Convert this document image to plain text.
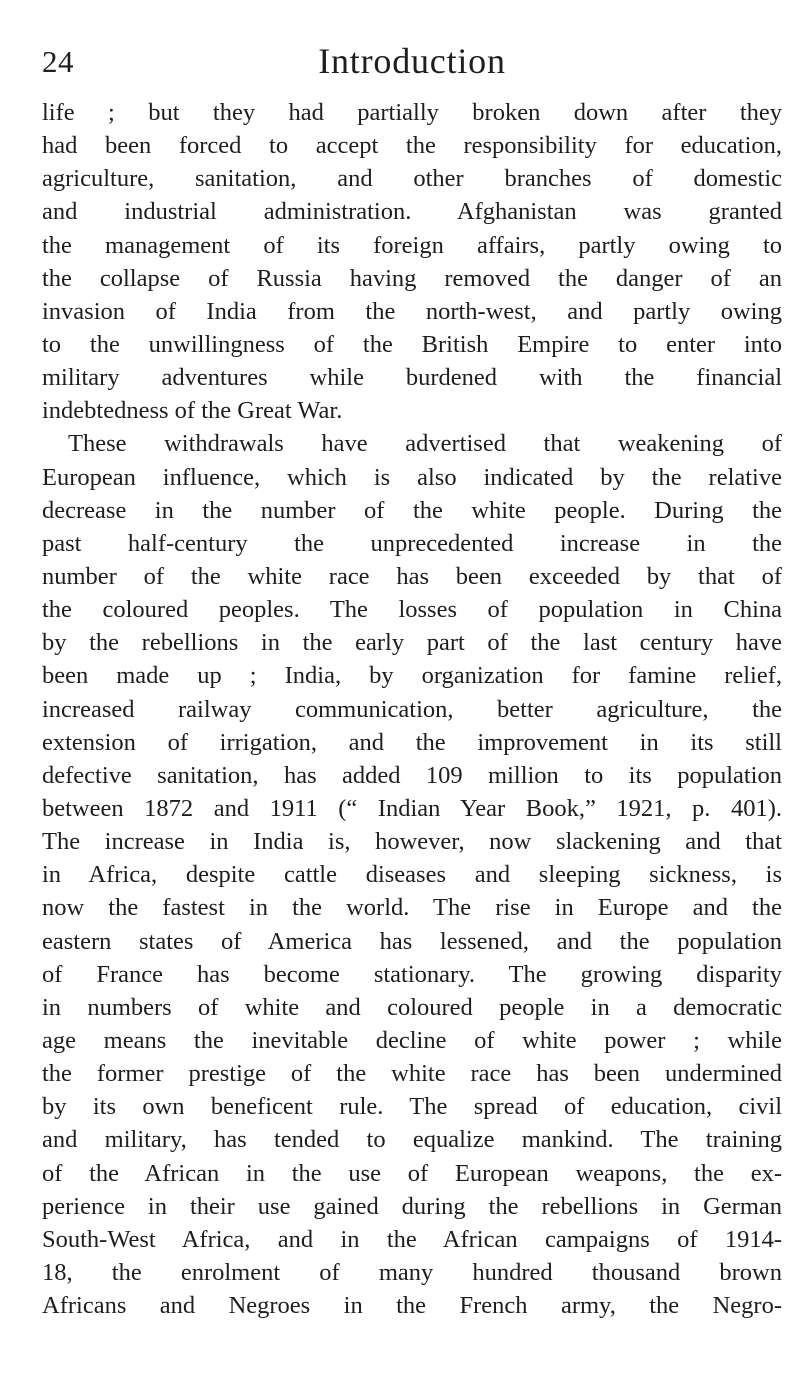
24	Introduction
life ; but they had partially broken down after they
had been forced to accept the responsibility for education,
agriculture, sanitation, and other branches of domestic
and industrial administration. Afghanistan was granted
the management of its foreign affairs, partly owing to
the collapse of Russia having removed the danger of an
invasion of India from the north-west, and partly owing
to the unwillingness of the British Empire to enter into
military adventures while burdened with the financial
indebtedness of the Great War.
These withdrawals have advertised that weakening of
European influence, which is also indicated by the relative
decrease in the number of the white people. During the
past half-century the unprecedented increase in the
number of the white race has been exceeded by that of
the coloured peoples. The losses of population in China
by the rebellions in the early part of the last century have
been made up ; India, by organization for famine relief,
increased railway communication, better agriculture, the
extension of irrigation, and the improvement in its still
defective sanitation, has added 109 million to its population
between 1872 and 1911 (“ Indian Year Book,” 1921, p. 401).
The increase in India is, however, now slackening and that
in Africa, despite cattle diseases and sleeping sickness, is
now the fastest in the world. The rise in Europe and the
eastern states of America has lessened, and the population
of France has become stationary. The growing disparity
in numbers of white and coloured people in a democratic
age means the inevitable decline of white power ; while
the former prestige of the white race has been undermined
by its own beneficent rule. The spread of education, civil
and military, has tended to equalize mankind. The training
of the African in the use of European weapons, the ex-
perience in their use gained during the rebellions in German
South-West Africa, and in the African campaigns of 1914-
18, the enrolment of many hundred thousand brown
Africans and Negroes in the French army, the Negro-
